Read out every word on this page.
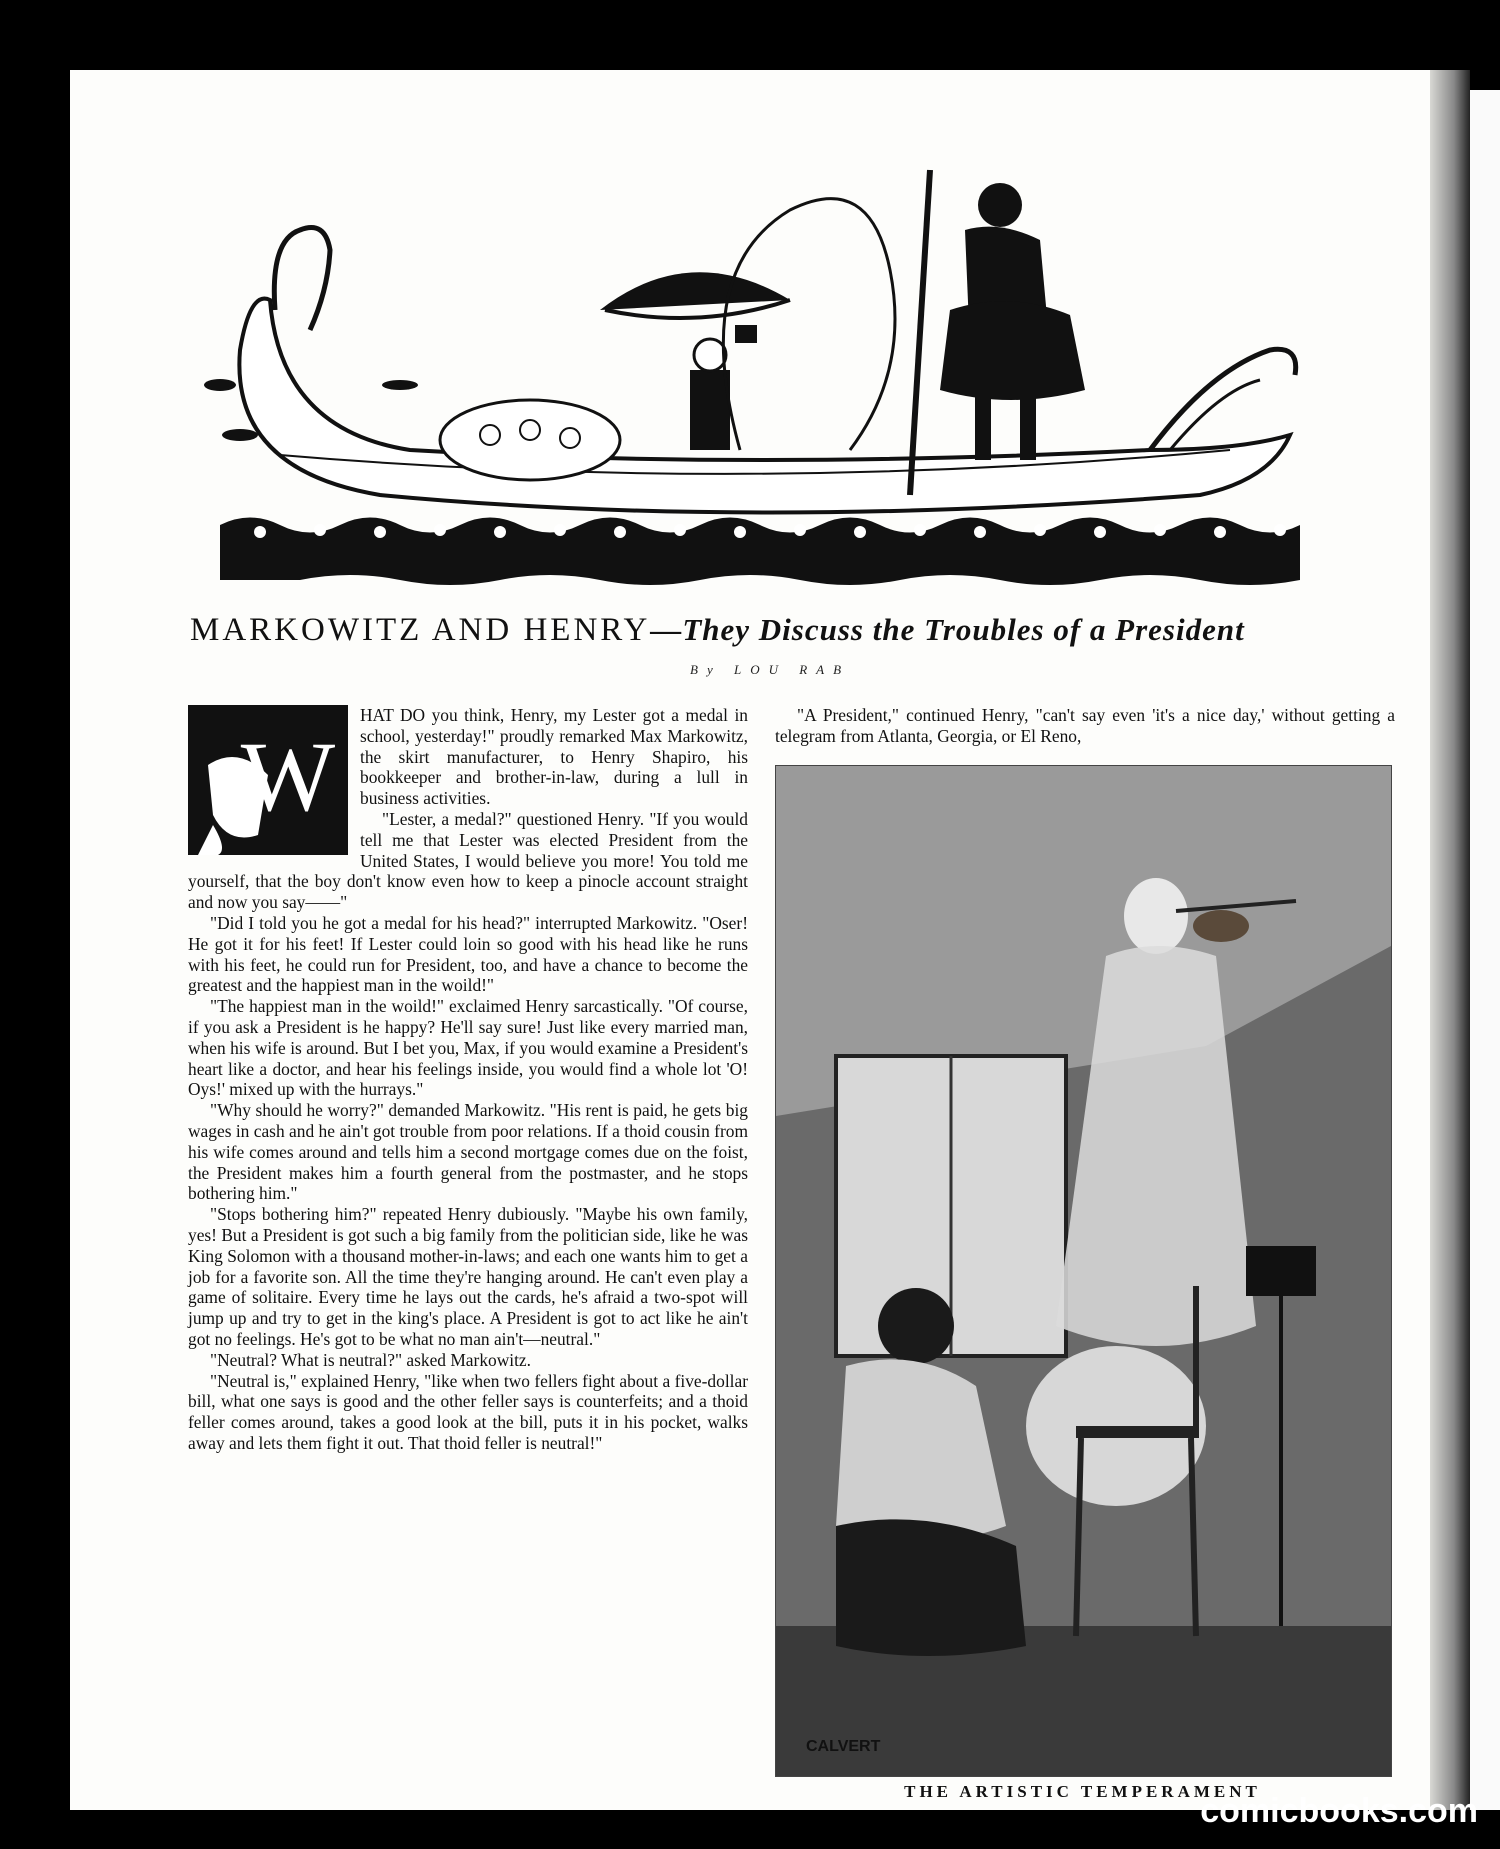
MARKOWITZ AND HENRY—They Discuss the Troubles of a President
By LOU RAB
W

HAT DO you think, Henry, my Lester got a medal in school, yesterday!" proudly remarked Max Markowitz, the skirt manufacturer, to Henry Shapiro, his bookkeeper and brother-in-law, during a lull in business activities.

"Lester, a medal?" questioned Henry. "If you would tell me that Lester was elected President from the United States, I would believe you more! You told me yourself, that the boy don't know even how to keep a pinocle account straight and now you say——"

"Did I told you he got a medal for his head?" interrupted Markowitz. "Oser! He got it for his feet! If Lester could loin so good with his head like he runs with his feet, he could run for President, too, and have a chance to become the greatest and the happiest man in the woild!"

"The happiest man in the woild!" exclaimed Henry sarcastically. "Of course, if you ask a President is he happy? He'll say sure! Just like every married man, when his wife is around. But I bet you, Max, if you would examine a President's heart like a doctor, and hear his feelings inside, you would find a whole lot 'O! Oys!' mixed up with the hurrays."

"Why should he worry?" demanded Markowitz. "His rent is paid, he gets big wages in cash and he ain't got trouble from poor relations. If a thoid cousin from his wife comes around and tells him a second mortgage comes due on the foist, the President makes him a fourth general from the postmaster, and he stops bothering him."

"Stops bothering him?" repeated Henry dubiously. "Maybe his own family, yes! But a President is got such a big family from the politician side, like he was King Solomon with a thousand mother-in-laws; and each one wants him to get a job for a favorite son. All the time they're hanging around. He can't even play a game of solitaire. Every time he lays out the cards, he's afraid a two-spot will jump up and try to get in the king's place. A President is got to act like he ain't got no feelings. He's got to be what no man ain't—neutral."

"Neutral? What is neutral?" asked Markowitz.

"Neutral is," explained Henry, "like when two fellers fight about a five-dollar bill, what one says is good and the other feller says is counterfeits; and a thoid feller comes around, takes a good look at the bill, puts it in his pocket, walks away and lets them fight it out. That thoid feller is neutral!"

"A President," continued Henry, "can't say even 'it's a nice day,' without getting a telegram from Atlanta, Georgia, or El Reno,

CALVERT
THE ARTISTIC TEMPERAMENT
comicbooks.com
